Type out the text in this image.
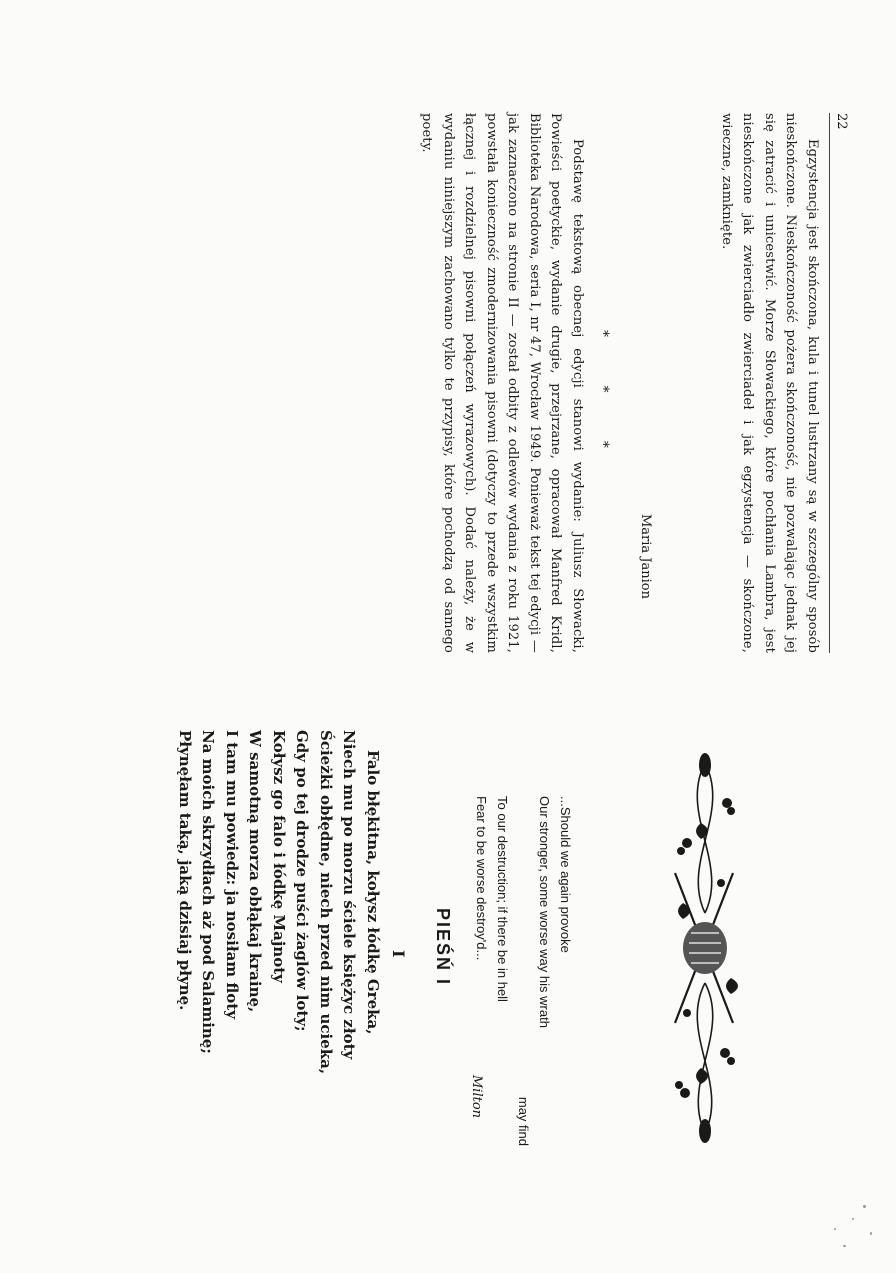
22

Egzystencja jest skończona, kula i tunel lustrzany są w szczególny sposób nieskończone. Nieskończoność pożera skończoność, nie pozwalając jednak jej się zatracić i unicestwić. Morze Słowackiego, które pochłania Lambra, jest nieskończone jak zwierciadło zwierciadeł i jak egzystencja — skończone, wieczne, zamknięte.

Maria Janion
* * *

Podstawę tekstową obecnej edycji stanowi wydanie: Juliusz Słowacki, Powieści poetyckie, wydanie drugie, przejrzane, opracował Manfred Kridl, Biblioteka Narodowa, seria I, nr 47, Wrocław 1949. Ponieważ tekst tej edycji — jak zaznaczono na stronie II — został odbity z odlewów wydania z roku 1921, powstała konieczność zmodernizowania pisowni (dotyczy to przede wszystkim łącznej i rozdzielnej pisowni połączeń wyrazowych). Dodać należy, że w wydaniu niniejszym zachowano tylko te przypisy, które pochodzą od samego poety.

...Should we again provoke
Our stronger, some worse way his wrath
may find
To our destruction; if there be in hell
Fear to be worse destroy'd...
Milton
PIEŚŃ I
I
Falo błękitna, kołysz łódkę Greka,
Niech mu po morzu ściele księżyc złoty
Ścieżki obłędne, niech przed nim ucieka,
Gdy po tej drodze puści żaglów loty;
Kołysz go falo i łódkę Majnoty
W samotną morza obłąkaj krainę,
I tam mu powiedz: ja nosiłam floty
Na moich skrzydłach aż pod Salaminę;
Płynęłam taką, jaką dzisiaj płynę.
